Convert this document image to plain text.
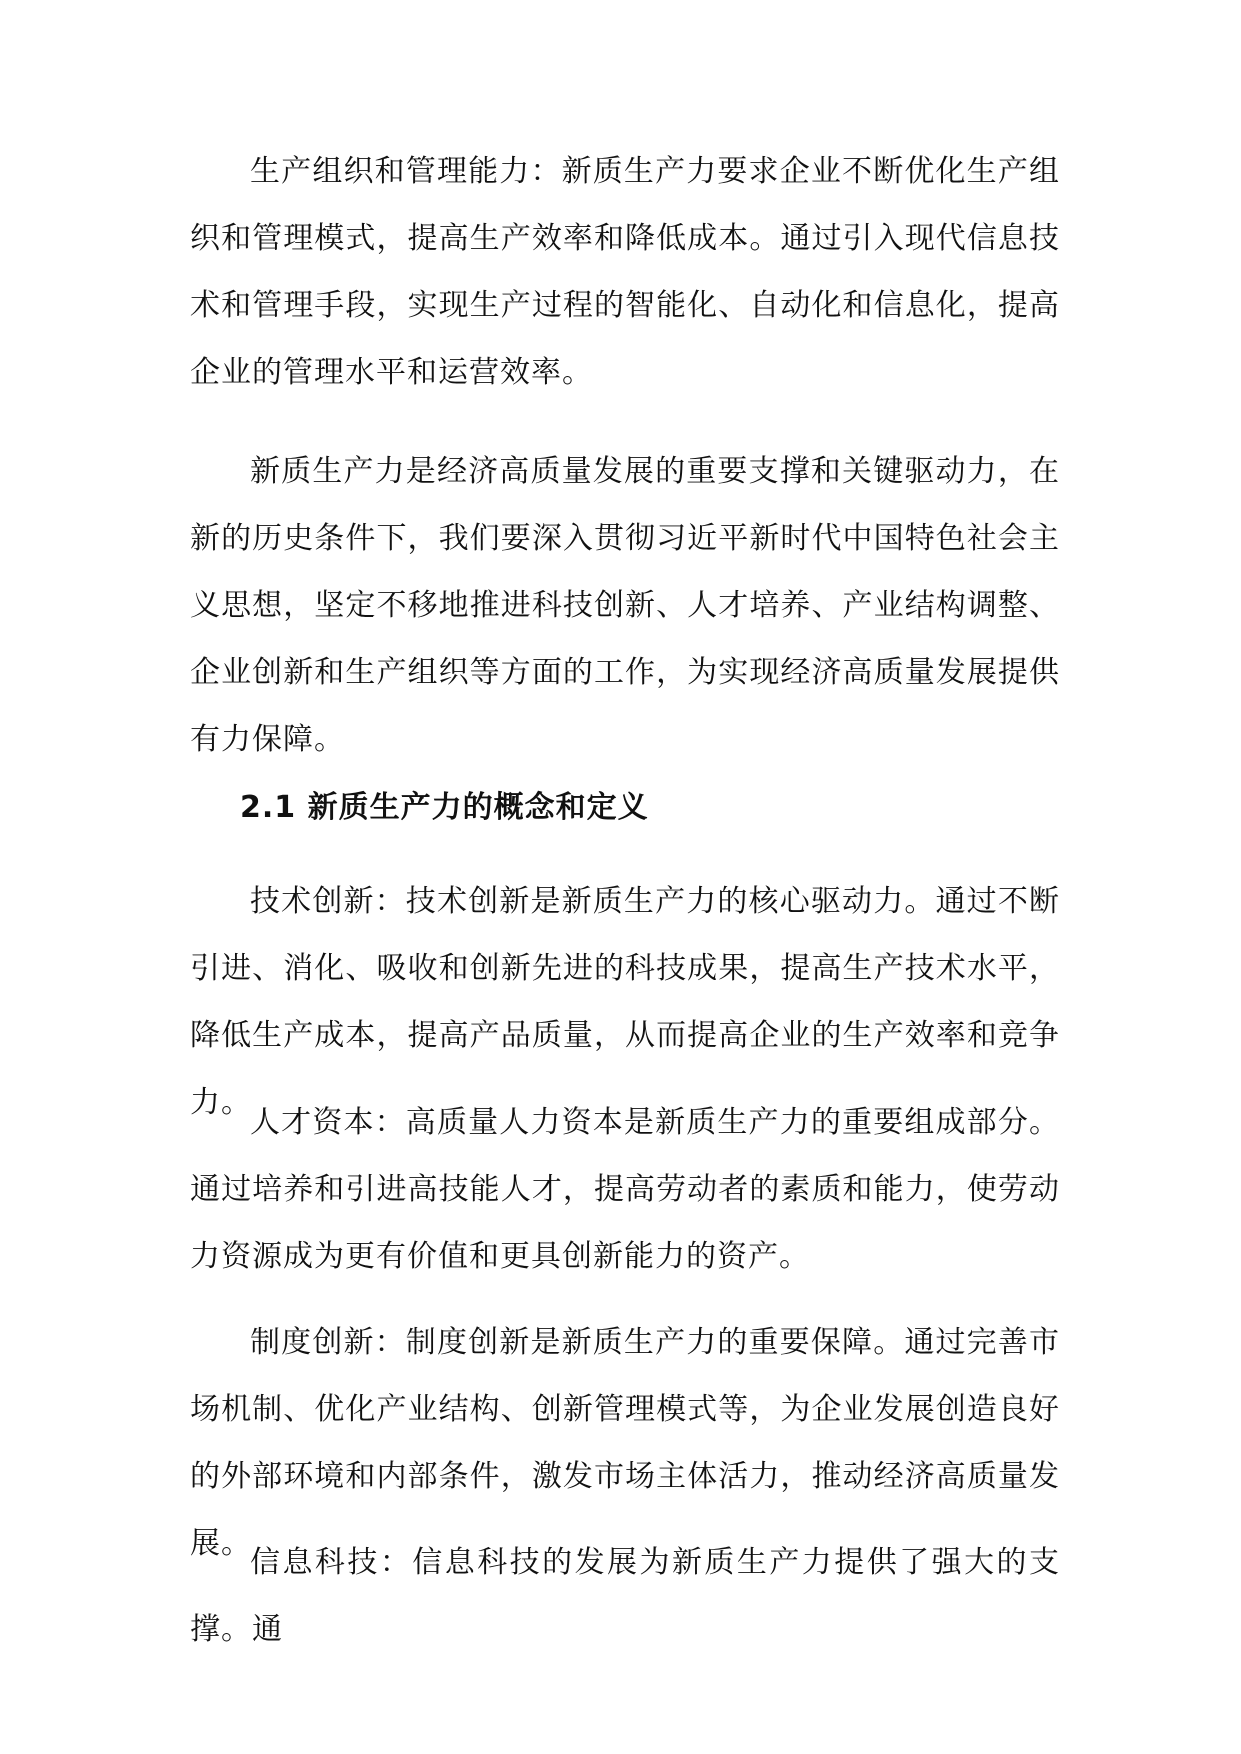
生产组织和管理能力：新质生产力要求企业不断优化生产组织和管理模式，提高生产效率和降低成本。通过引入现代信息技术和管理手段，实现生产过程的智能化、自动化和信息化，提高企业的管理水平和运营效率。

新质生产力是经济高质量发展的重要支撑和关键驱动力，在新的历史条件下，我们要深入贯彻习近平新时代中国特色社会主义思想，坚定不移地推进科技创新、人才培养、产业结构调整、企业创新和生产组织等方面的工作，为实现经济高质量发展提供有力保障。

2.1 新质生产力的概念和定义

技术创新：技术创新是新质生产力的核心驱动力。通过不断引进、消化、吸收和创新先进的科技成果，提高生产技术水平，降低生产成本，提高产品质量，从而提高企业的生产效率和竞争力。

人才资本：高质量人力资本是新质生产力的重要组成部分。通过培养和引进高技能人才，提高劳动者的素质和能力，使劳动力资源成为更有价值和更具创新能力的资产。

制度创新：制度创新是新质生产力的重要保障。通过完善市场机制、优化产业结构、创新管理模式等，为企业发展创造良好的外部环境和内部条件，激发市场主体活力，推动经济高质量发展。

信息科技：信息科技的发展为新质生产力提供了强大的支撑。通
